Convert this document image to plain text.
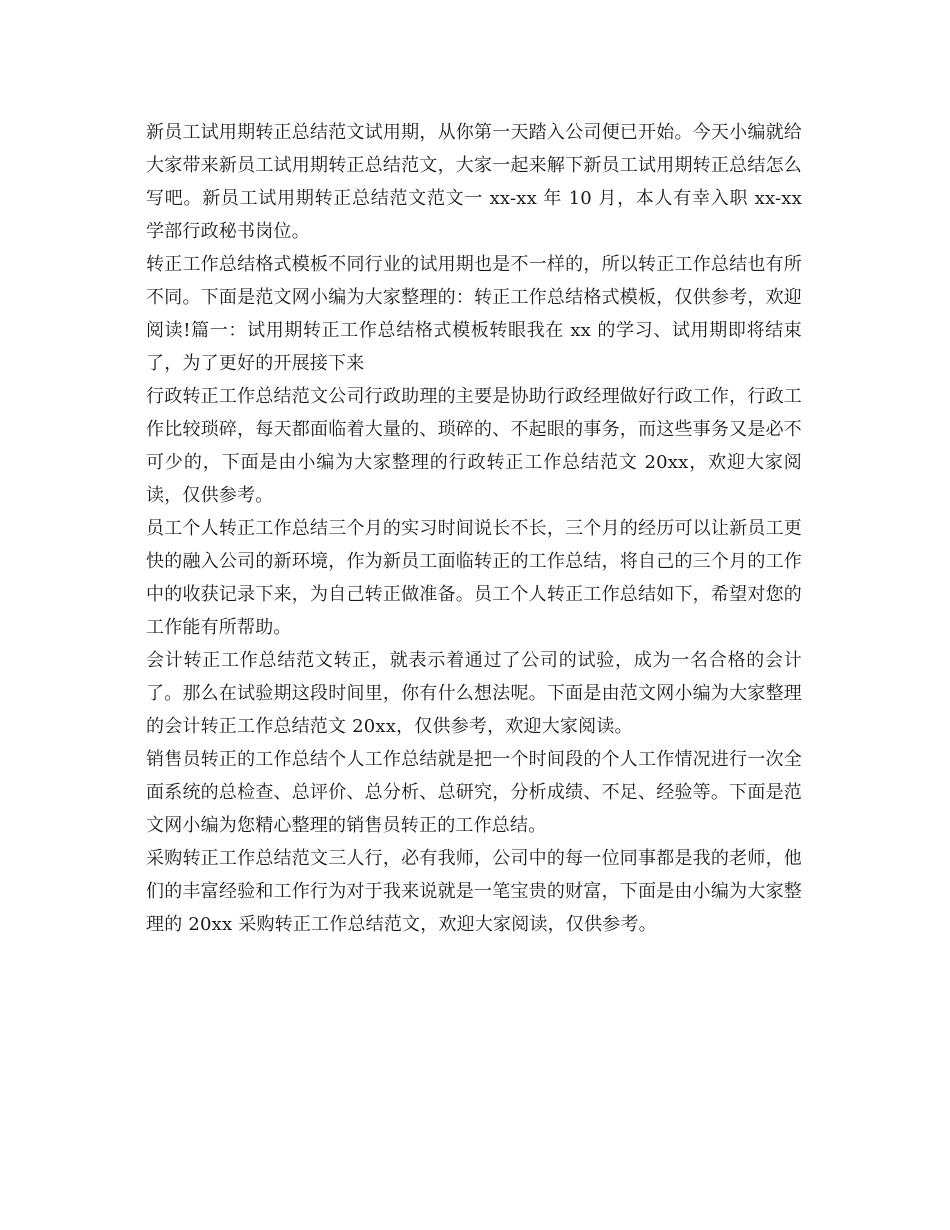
新员工试用期转正总结范文试用期，从你第一天踏入公司便已开始。今天小编就给大家带来新员工试用期转正总结范文，大家一起来解下新员工试用期转正总结怎么写吧。新员工试用期转正总结范文范文一 xx-xx 年 10 月，本人有幸入职 xx-xx 学部行政秘书岗位。

转正工作总结格式模板不同行业的试用期也是不一样的，所以转正工作总结也有所不同。下面是范文网小编为大家整理的：转正工作总结格式模板，仅供参考，欢迎阅读!篇一：试用期转正工作总结格式模板转眼我在 xx 的学习、试用期即将结束了，为了更好的开展接下来

行政转正工作总结范文公司行政助理的主要是协助行政经理做好行政工作，行政工作比较琐碎，每天都面临着大量的、琐碎的、不起眼的事务，而这些事务又是必不可少的，下面是由小编为大家整理的行政转正工作总结范文 20xx，欢迎大家阅读，仅供参考。

员工个人转正工作总结三个月的实习时间说长不长，三个月的经历可以让新员工更快的融入公司的新环境，作为新员工面临转正的工作总结，将自己的三个月的工作中的收获记录下来，为自己转正做准备。员工个人转正工作总结如下，希望对您的工作能有所帮助。

会计转正工作总结范文转正，就表示着通过了公司的试验，成为一名合格的会计了。那么在试验期这段时间里，你有什么想法呢。下面是由范文网小编为大家整理的会计转正工作总结范文 20xx，仅供参考，欢迎大家阅读。

销售员转正的工作总结个人工作总结就是把一个时间段的个人工作情况进行一次全面系统的总检查、总评价、总分析、总研究，分析成绩、不足、经验等。下面是范文网小编为您精心整理的销售员转正的工作总结。

采购转正工作总结范文三人行，必有我师，公司中的每一位同事都是我的老师，他们的丰富经验和工作行为对于我来说就是一笔宝贵的财富，下面是由小编为大家整理的 20xx 采购转正工作总结范文，欢迎大家阅读，仅供参考。
